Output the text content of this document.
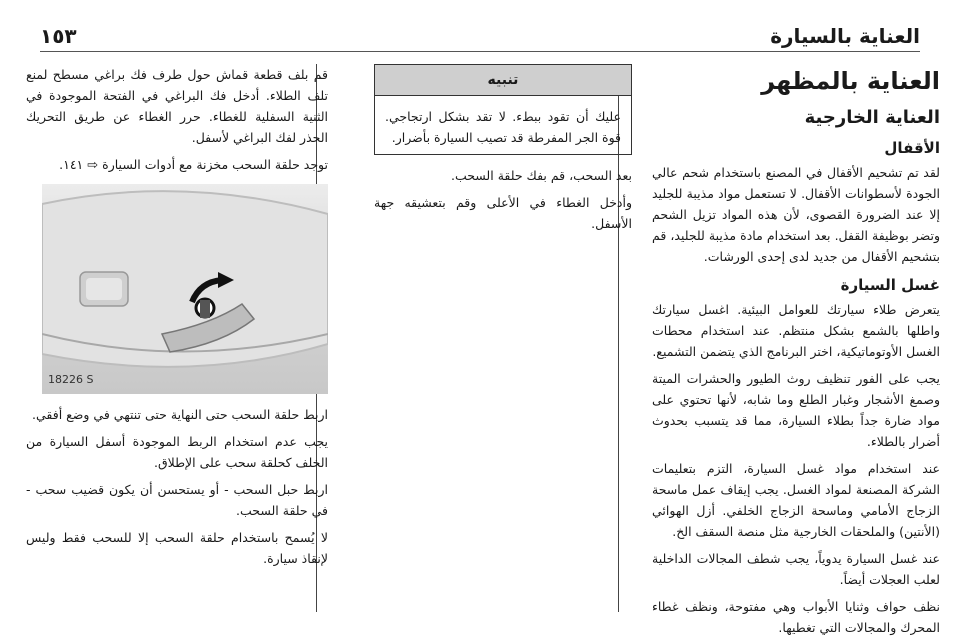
العناية بالسيارة
١٥٣
العناية بالمظهر
العناية الخارجية
الأقفال

لقد تم تشحيم الأقفال في المصنع باستخدام شحم عالي الجودة لأسطوانات الأقفال. لا تستعمل مواد مذيبة للجليد إلا عند الضرورة القصوى، لأن هذه المواد تزيل الشحم وتضر بوظيفة القفل. بعد استخدام مادة مذيبة للجليد، قم بتشحيم الأقفال من جديد لدى إحدى الورشات.

غسل السيارة

يتعرض طلاء سيارتك للعوامل البيئية. اغسل سيارتك واطلها بالشمع بشكل منتظم. عند استخدام محطات الغسل الأوتوماتيكية، اختر البرنامج الذي يتضمن التشميع.

يجب على الفور تنظيف روث الطيور والحشرات الميتة وصمغ الأشجار وغبار الطلع وما شابه، لأنها تحتوي على مواد ضارة جداً بطلاء السيارة، مما قد يتسبب بحدوث أضرار بالطلاء.

عند استخدام مواد غسل السيارة، التزم بتعليمات الشركة المصنعة لمواد الغسل. يجب إيقاف عمل ماسحة الزجاج الأمامي وماسحة الزجاج الخلفي. أزل الهوائي (الأنتين) والملحقات الخارجية مثل منصة السقف الخ.

عند غسل السيارة يدوياً، يجب شطف المجالات الداخلية لعلب العجلات أيضاً.

نظف حواف وثنايا الأبواب وهي مفتوحة، ونظف غطاء المحرك والمجالات التي تغطيها.

تنبيه
عليك أن تقود ببطء. لا تقد بشكل ارتجاجي. قوة الجر المفرطة قد تصيب السيارة بأضرار.

بعد السحب، قم بفك حلقة السحب.

وأدخل الغطاء في الأعلى وقم بتعشيقه جهة الأسفل.

قم بلف قطعة قماش حول طرف فك براغي مسطح لمنع تلف الطلاء. أدخل فك البراغي في الفتحة الموجودة في الثنية السفلية للغطاء. حرر الغطاء عن طريق التحريك الحذر لفك البراغي لأسفل.

توجد حلقة السحب مخزنة مع أدوات السيارة ⇨ ١٤١.

18226 S

اربط حلقة السحب حتى النهاية حتى تنتهي في وضع أفقي.

يجب عدم استخدام الربط الموجودة أسفل السيارة من الخلف كحلقة سحب على الإطلاق.

اربط حبل السحب - أو يستحسن أن يكون قضيب سحب - في حلقة السحب.

لا يُسمح باستخدام حلقة السحب إلا للسحب فقط وليس لإنقاذ سيارة.
